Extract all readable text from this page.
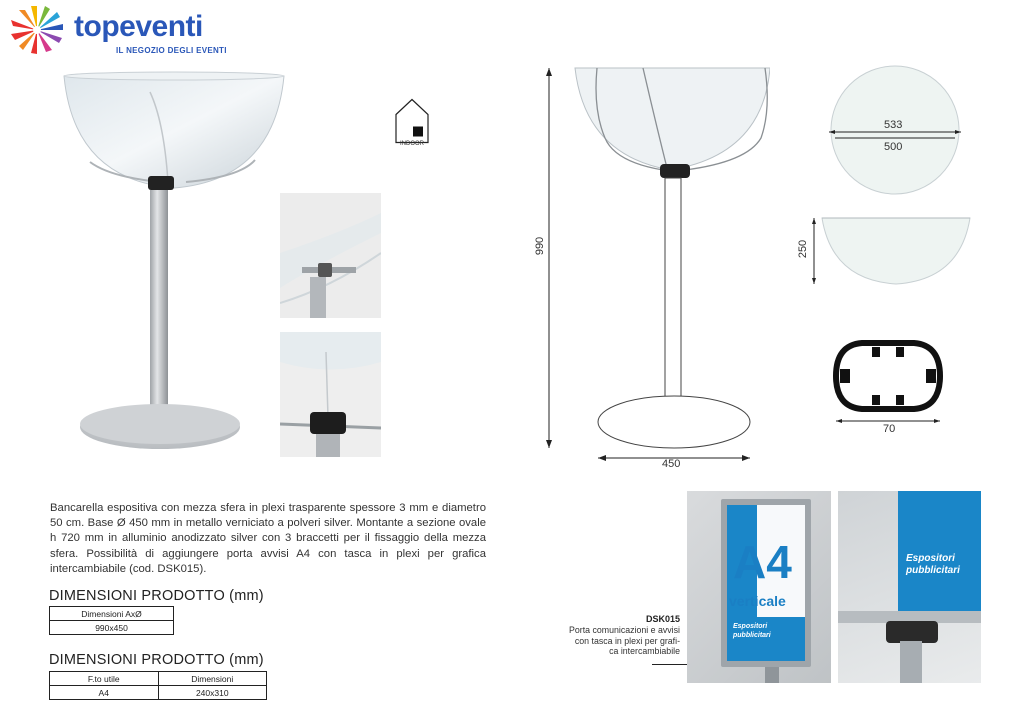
topeventi
IL NEGOZIO DEGLI EVENTI
INDOOR
990
450
533
500
250
70
Bancarella espositiva con mezza sfera in plexi trasparente spessore 3 mm e diametro 50 cm. Base Ø 450 mm in metallo verniciato a polveri silver. Montante a sezione ovale h 720 mm in alluminio anodizzato silver con 3 braccetti per il fissaggio della mezza sfera. Possibilità di aggiungere porta avvisi A4 con tasca in plexi per grafica intercambiabile (cod. DSK015).
DIMENSIONI PRODOTTO (mm)
Dimensioni AxØ
990x450
DIMENSIONI PRODOTTO (mm)
F.to utile	Dimensioni
A4	240x310
DSK015
Porta comunicazioni e avvisi
con tasca in plexi per grafi-
ca intercambiabile
A4
verticale
Espositori
pubblicitari
Espositori
pubblicitari
